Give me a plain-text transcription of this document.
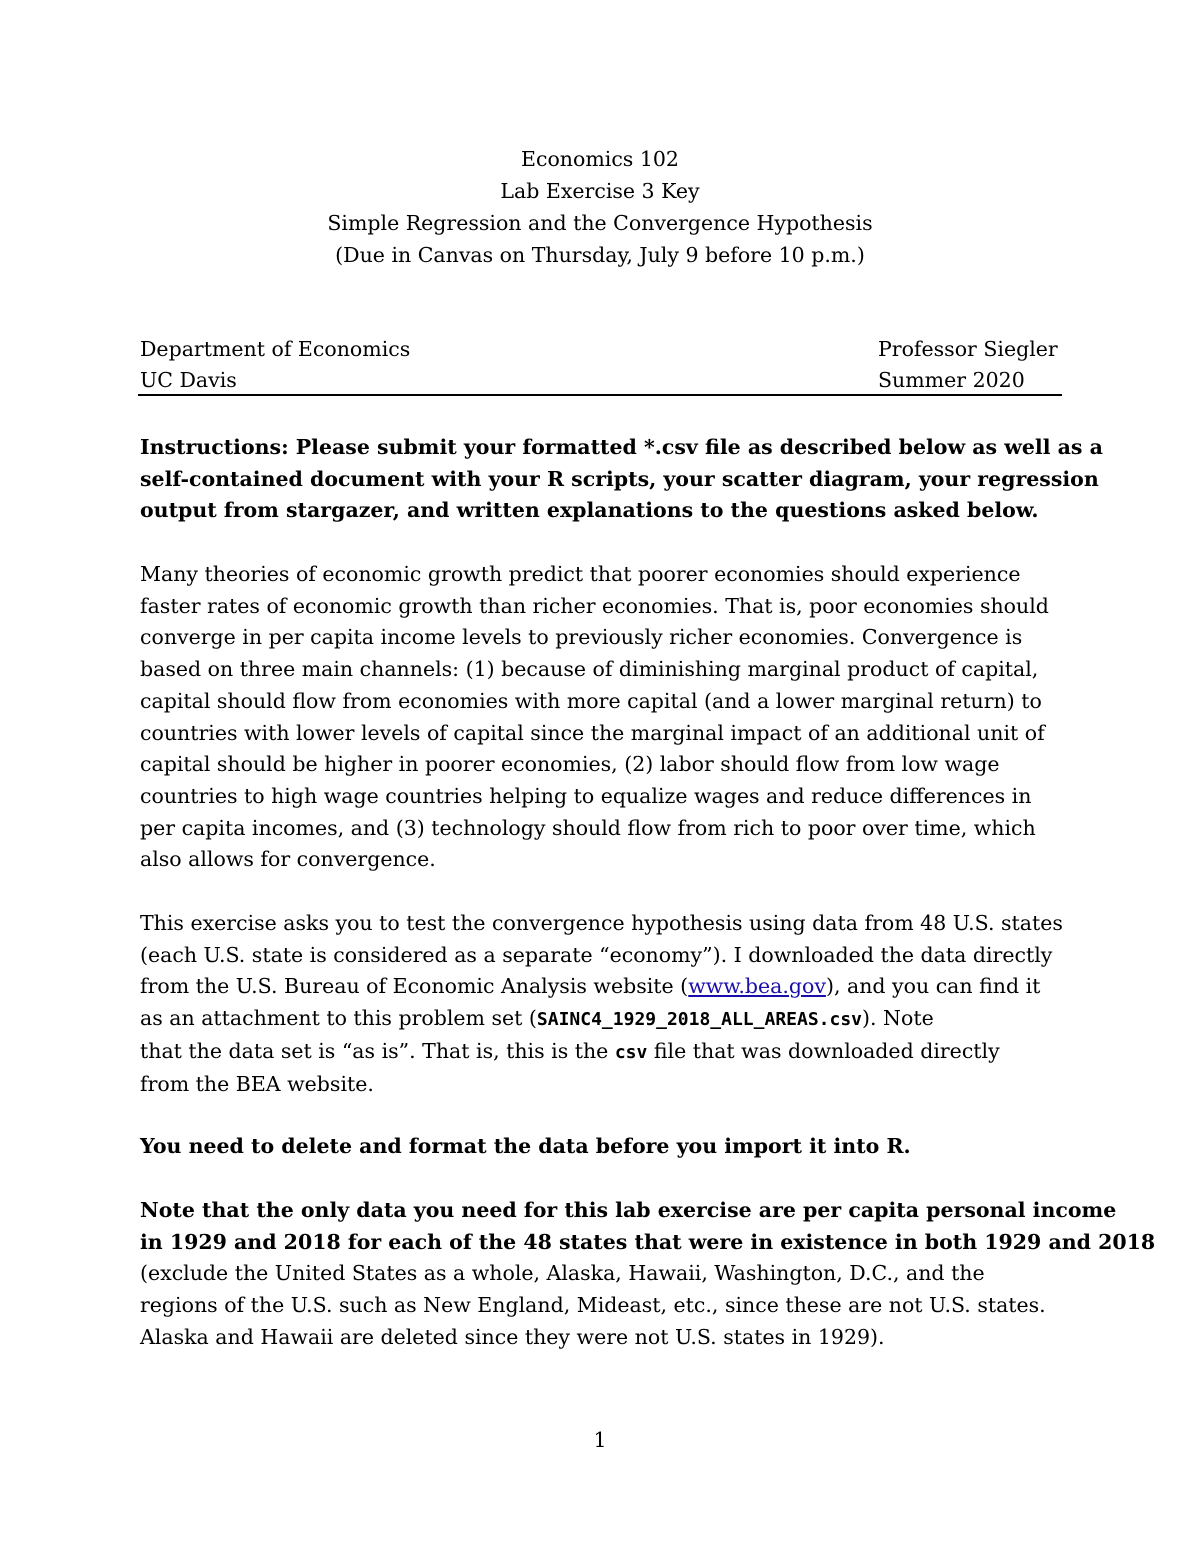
Economics 102
Lab Exercise 3 Key
Simple Regression and the Convergence Hypothesis
(Due in Canvas on Thursday, July 9 before 10 p.m.)
Department of Economics	Professor Siegler
UC Davis	Summer 2020
Instructions: Please submit your formatted *.csv file as described below as well as a
self-contained document with your R scripts, your scatter diagram, your regression
output from stargazer, and written explanations to the questions asked below.
Many theories of economic growth predict that poorer economies should experience
faster rates of economic growth than richer economies. That is, poor economies should
converge in per capita income levels to previously richer economies. Convergence is
based on three main channels: (1) because of diminishing marginal product of capital,
capital should flow from economies with more capital (and a lower marginal return) to
countries with lower levels of capital since the marginal impact of an additional unit of
capital should be higher in poorer economies, (2) labor should flow from low wage
countries to high wage countries helping to equalize wages and reduce differences in
per capita incomes, and (3) technology should flow from rich to poor over time, which
also allows for convergence.
This exercise asks you to test the convergence hypothesis using data from 48 U.S. states
(each U.S. state is considered as a separate “economy”). I downloaded the data directly
from the U.S. Bureau of Economic Analysis website (www.bea.gov), and you can find it
as an attachment to this problem set (SAINC4_1929_2018_ALL_AREAS.csv). Note
that the data set is “as is”. That is, this is the csv file that was downloaded directly
from the BEA website.
You need to delete and format the data before you import it into R.
Note that the only data you need for this lab exercise are per capita personal income
in 1929 and 2018 for each of the 48 states that were in existence in both 1929 and 2018
(exclude the United States as a whole, Alaska, Hawaii, Washington, D.C., and the
regions of the U.S. such as New England, Mideast, etc., since these are not U.S. states.
Alaska and Hawaii are deleted since they were not U.S. states in 1929).
1
